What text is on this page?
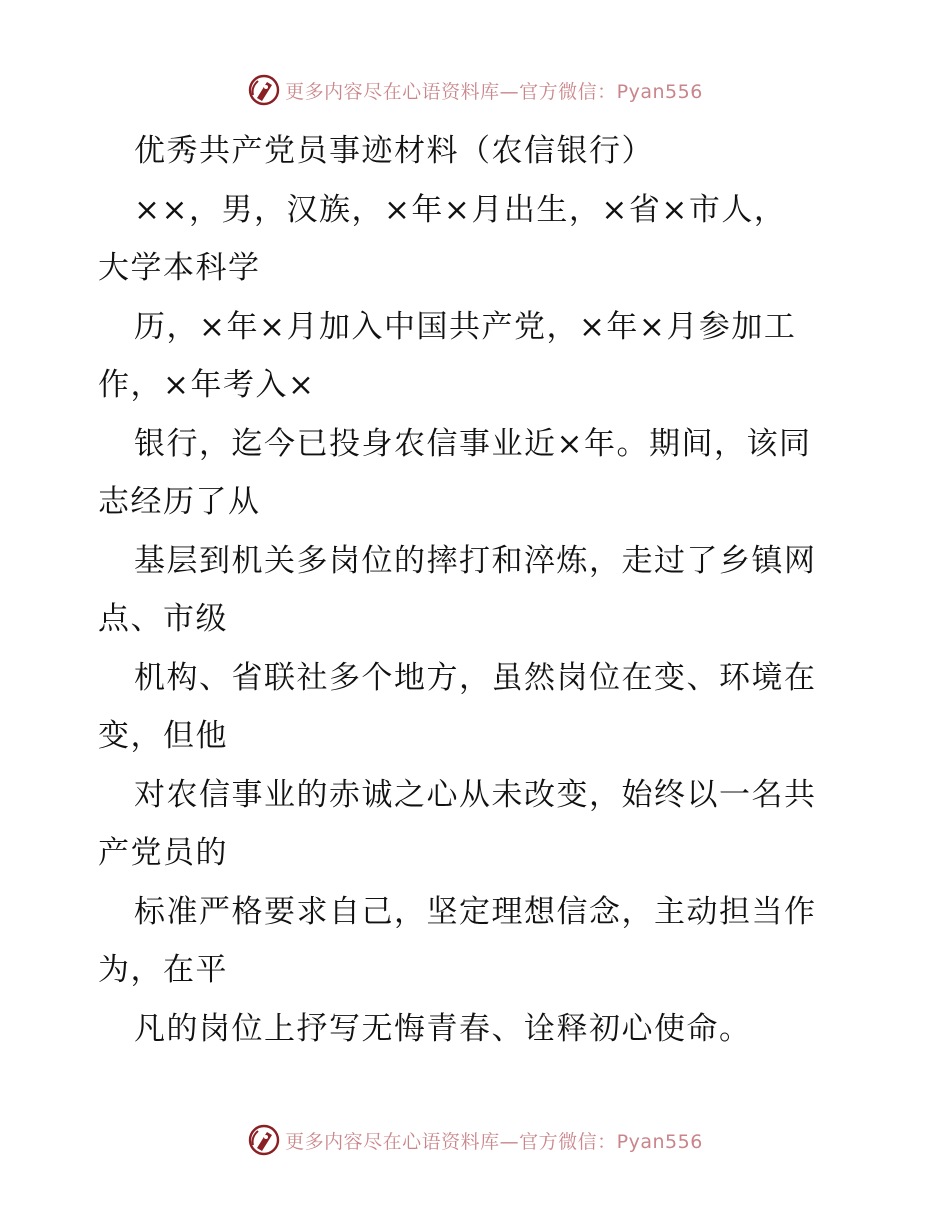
更多内容尽在心语资料库—官方微信：Pyan556
优秀共产党员事迹材料（农信银行）
××，男，汉族，×年×月出生，×省×市人，
大学本科学
历，×年×月加入中国共产党，×年×月参加工
作，×年考入×
银行，迄今已投身农信事业近×年。期间，该同
志经历了从
基层到机关多岗位的摔打和淬炼，走过了乡镇网
点、市级
机构、省联社多个地方，虽然岗位在变、环境在
变，但他
对农信事业的赤诚之心从未改变，始终以一名共
产党员的
标准严格要求自己，坚定理想信念，主动担当作
为，在平
凡的岗位上抒写无悔青春、诠释初心使命。
更多内容尽在心语资料库—官方微信：Pyan556
